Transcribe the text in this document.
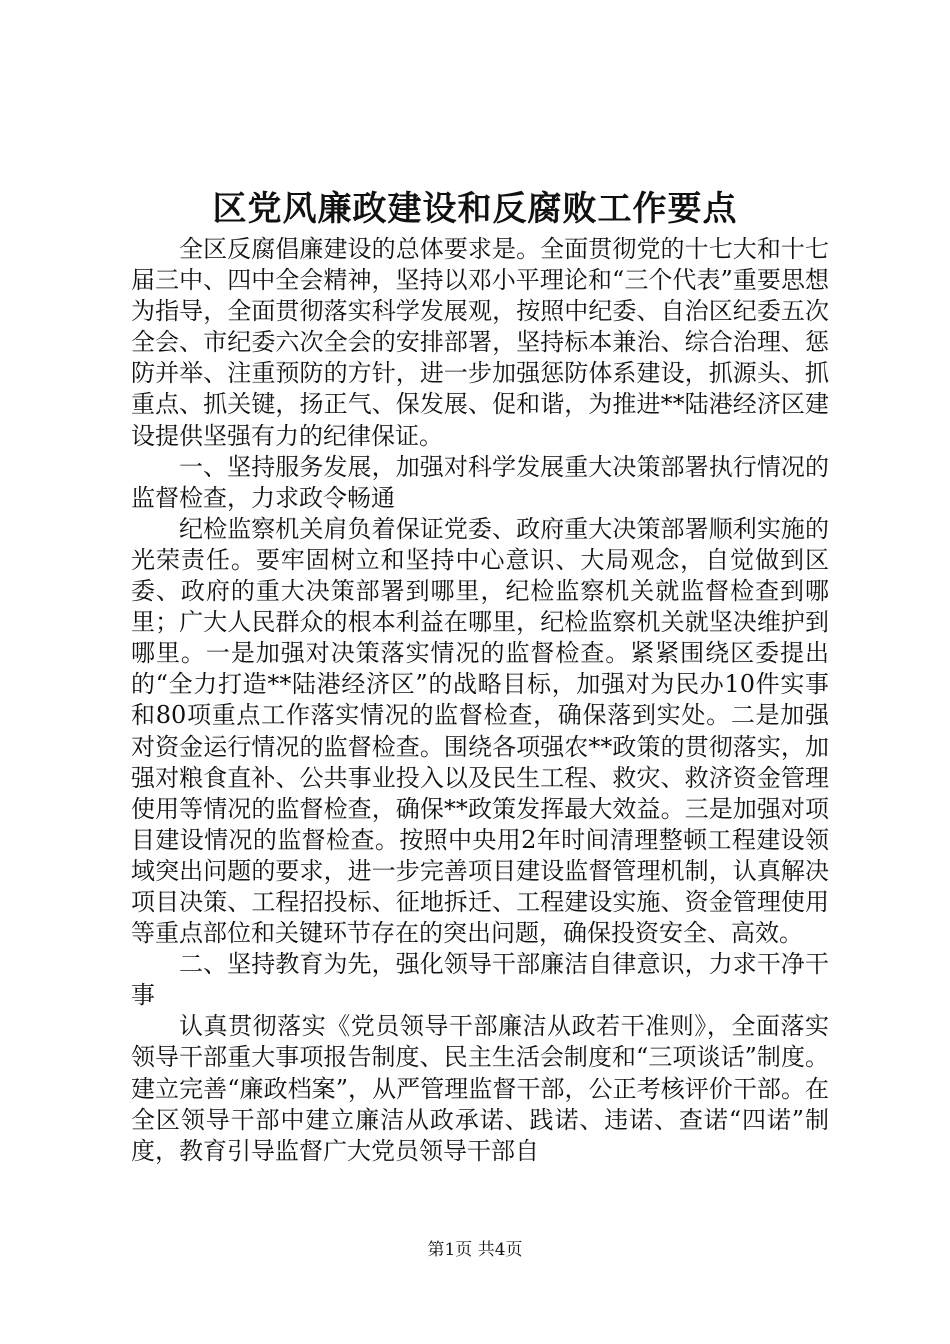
区党风廉政建设和反腐败工作要点

全区反腐倡廉建设的总体要求是。全面贯彻党的十七大和十七届三中、四中全会精神，坚持以邓小平理论和“三个代表”重要思想为指导，全面贯彻落实科学发展观，按照中纪委、自治区纪委五次全会、市纪委六次全会的安排部署，坚持标本兼治、综合治理、惩防并举、注重预防的方针，进一步加强惩防体系建设，抓源头、抓重点、抓关键，扬正气、保发展、促和谐，为推进**陆港经济区建设提供坚强有力的纪律保证。

一、坚持服务发展，加强对科学发展重大决策部署执行情况的监督检查，力求政令畅通

纪检监察机关肩负着保证党委、政府重大决策部署顺利实施的光荣责任。要牢固树立和坚持中心意识、大局观念，自觉做到区委、政府的重大决策部署到哪里，纪检监察机关就监督检查到哪里；广大人民群众的根本利益在哪里，纪检监察机关就坚决维护到哪里。一是加强对决策落实情况的监督检查。紧紧围绕区委提出的“全力打造**陆港经济区”的战略目标，加强对为民办10件实事和80项重点工作落实情况的监督检查，确保落到实处。二是加强对资金运行情况的监督检查。围绕各项强农**政策的贯彻落实，加强对粮食直补、公共事业投入以及民生工程、救灾、救济资金管理使用等情况的监督检查，确保**政策发挥最大效益。三是加强对项目建设情况的监督检查。按照中央用2年时间清理整顿工程建设领域突出问题的要求，进一步完善项目建设监督管理机制，认真解决项目决策、工程招投标、征地拆迁、工程建设实施、资金管理使用等重点部位和关键环节存在的突出问题，确保投资安全、高效。

二、坚持教育为先，强化领导干部廉洁自律意识，力求干净干事

认真贯彻落实《党员领导干部廉洁从政若干准则》，全面落实领导干部重大事项报告制度、民主生活会制度和“三项谈话”制度。建立完善“廉政档案”，从严管理监督干部，公正考核评价干部。在全区领导干部中建立廉洁从政承诺、践诺、违诺、查诺“四诺”制度，教育引导监督广大党员领导干部自

第1页 共4页
